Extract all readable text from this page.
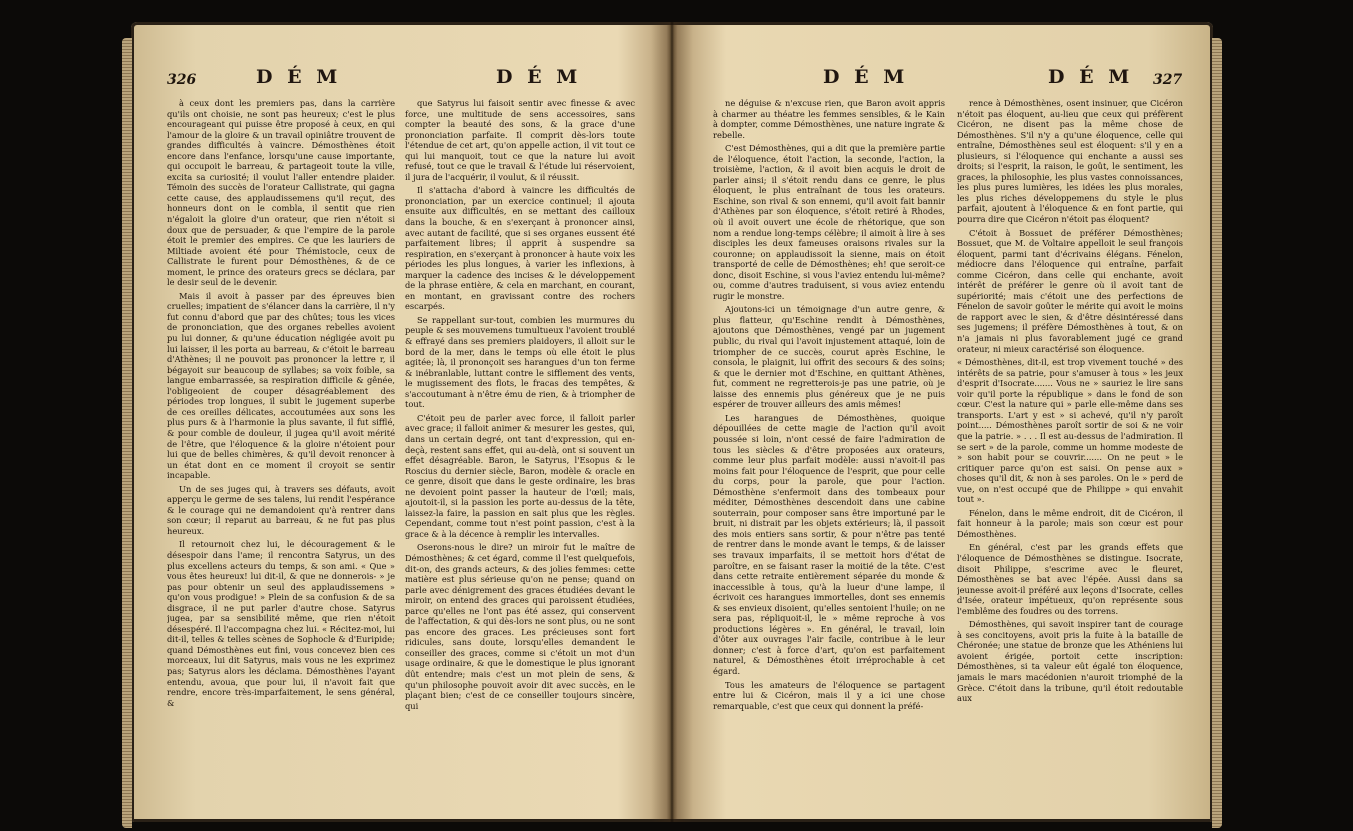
326	D É M	D É M

à ceux dont les premiers pas, dans la carrière qu'ils ont choisie, ne sont pas heureux; c'est le plus encourageant qui puisse être proposé à ceux, en qui l'amour de la gloire & un travail opiniâtre trouvent de grandes difficultés à vaincre. Démosthènes étoit encore dans l'enfance, lorsqu'une cause importante, qui occupoit le barreau, & partageoit toute la ville, excita sa curiosité; il voulut l'aller entendre plaider. Témoin des succès de l'orateur Callistrate, qui gagna cette cause, des applaudissemens qu'il reçut, des honneurs dont on le combla, il sentit que rien n'égaloit la gloire d'un orateur, que rien n'étoit si doux que de persuader, & que l'empire de la parole étoit le premier des empires. Ce que les lauriers de Miltiade avoient été pour Thémistocle, ceux de Callistrate le furent pour Démosthènes, & de ce moment, le prince des orateurs grecs se déclara, par le desir seul de le devenir.

Mais il avoit à passer par des épreuves bien cruelles; impatient de s'élancer dans la carrière, il n'y fut connu d'abord que par des chûtes; tous les vices de prononciation, que des organes rebelles avoient pu lui donner, & qu'une éducation négligée avoit pu lui laisser, il les porta au barreau, & c'étoit le barreau d'Athènes; il ne pouvoit pas prononcer la lettre r, il bégayoit sur beaucoup de syllabes; sa voix foible, sa langue embarrassée, sa respiration difficile & gênée, l'obligeoient de couper désagréablement des périodes trop longues, il subit le jugement superbe de ces oreilles délicates, accoutumées aux sons les plus purs & à l'harmonie la plus savante, il fut sifflé, & pour comble de douleur, il jugea qu'il avoit mérité de l'être, que l'éloquence & la gloire n'étoient pour lui que de belles chimères, & qu'il devoit renoncer à un état dont en ce moment il croyoit se sentir incapable.

Un de ses juges qui, à travers ses défauts, avoit apperçu le germe de ses talens, lui rendit l'espérance & le courage qui ne demandoient qu'à rentrer dans son cœur; il reparut au barreau, & ne fut pas plus heureux.

Il retournoit chez lui, le découragement & le désespoir dans l'ame; il rencontra Satyrus, un des plus excellens acteurs du temps, & son ami. « Que » vous êtes heureux! lui dit-il, & que ne donnerois- » je pas pour obtenir un seul des applaudissemens » qu'on vous prodigue! » Plein de sa confusion & de sa disgrace, il ne put parler d'autre chose. Satyrus jugea, par sa sensibilité même, que rien n'étoit désespéré. Il l'accompagna chez lui. « Récitez-moi, lui dit-il, telles & telles scènes de Sophocle & d'Euripide; quand Démosthènes eut fini, vous concevez bien ces morceaux, lui dit Satyrus, mais vous ne les exprimez pas; Satyrus alors les déclama. Démosthènes l'ayant entendu, avoua, que pour lui, il n'avoit fait que rendre, encore très-imparfaitement, le sens général, &

que Satyrus lui faisoit sentir avec finesse & avec force, une multitude de sens accessoires, sans compter la beauté des sons, & la grace d'une prononciation parfaite. Il comprit dès-lors toute l'étendue de cet art, qu'on appelle action, il vit tout ce qui lui manquoit, tout ce que la nature lui avoit refusé, tout ce que le travail & l'étude lui réservoient, il jura de l'acquérir, il voulut, & il réussit.

Il s'attacha d'abord à vaincre les difficultés de prononciation, par un exercice continuel; il ajouta ensuite aux difficultés, en se mettant des cailloux dans la bouche, & en s'exerçant à prononcer ainsi, avec autant de facilité, que si ses organes eussent été parfaitement libres; il apprit à suspendre sa respiration, en s'exerçant à prononcer à haute voix les périodes les plus longues, à varier les inflexions, à marquer la cadence des incises & le développement de la phrase entière, & cela en marchant, en courant, en montant, en gravissant contre des rochers escarpés.

Se rappellant sur-tout, combien les murmures du peuple & ses mouvemens tumultueux l'avoient troublé & effrayé dans ses premiers plaidoyers, il alloit sur le bord de la mer, dans le temps où elle étoit le plus agitée; là, il prononçoit ses harangues d'un ton ferme & inébranlable, luttant contre le sifflement des vents, le mugissement des flots, le fracas des tempêtes, & s'accoutumant à n'être ému de rien, & à triompher de tout.

C'étoit peu de parler avec force, il falloit parler avec grace; il falloit animer & mesurer les gestes, qui, dans un certain degré, ont tant d'expression, qui en-deçà, restent sans effet, qui au-delà, ont si souvent un effet désagréable. Baron, le Satyrus, l'Esopus & le Roscius du dernier siècle, Baron, modèle & oracle en ce genre, disoit que dans le geste ordinaire, les bras ne devoient point passer la hauteur de l'œil; mais, ajoutoit-il, si la passion les porte au-dessus de la tête, laissez-la faire, la passion en sait plus que les règles. Cependant, comme tout n'est point passion, c'est à la grace & à la décence à remplir les intervalles.

Oserons-nous le dire? un miroir fut le maître de Démosthènes; & cet égard, comme il l'est quelquefois, dit-on, des grands acteurs, & des jolies femmes: cette matière est plus sérieuse qu'on ne pense; quand on parle avec dénigrement des graces étudiées devant le miroir, on entend des graces qui paroissent étudiées, parce qu'elles ne l'ont pas été assez, qui conservent de l'affectation, & qui dès-lors ne sont plus, ou ne sont pas encore des graces. Les précieuses sont fort ridicules, sans doute, lorsqu'elles demandent le conseiller des graces, comme si c'étoit un mot d'un usage ordinaire, & que le domestique le plus ignorant dût entendre; mais c'est un mot plein de sens, & qu'un philosophe pouvoit avoir dit avec succès, en le plaçant bien; c'est de ce conseiller toujours sincère, qui

D É M	D É M 327

ne déguise & n'excuse rien, que Baron avoit appris à charmer au théatre les femmes sensibles, & le Kain à dompter, comme Démosthènes, une nature ingrate & rebelle.

C'est Démosthènes, qui a dit que la première partie de l'éloquence, étoit l'action, la seconde, l'action, la troisième, l'action, & il avoit bien acquis le droit de parler ainsi; il s'étoit rendu dans ce genre, le plus éloquent, le plus entraînant de tous les orateurs. Eschine, son rival & son ennemi, qu'il avoit fait bannir d'Athènes par son éloquence, s'étoit retiré à Rhodes, où il avoit ouvert une école de rhétorique, que son nom a rendue long-temps célèbre; il aimoit à lire à ses disciples les deux fameuses oraisons rivales sur la couronne; on applaudissoit la sienne, mais on étoit transporté de celle de Démosthènes; eh! que seroit-ce donc, disoit Eschine, si vous l'aviez entendu lui-même? ou, comme d'autres traduisent, si vous aviez entendu rugir le monstre.

Ajoutons-ici un témoignage d'un autre genre, & plus flatteur, qu'Eschine rendit à Démosthènes, ajoutons que Démosthènes, vengé par un jugement public, du rival qui l'avoit injustement attaqué, loin de triompher de ce succès, courut après Eschine, le consola, le plaignit, lui offrit des secours & des soins; & que le dernier mot d'Eschine, en quittant Athènes, fut, comment ne regretterois-je pas une patrie, où je laisse des ennemis plus généreux que je ne puis espérer de trouver ailleurs des amis mêmes!

Les harangues de Démosthènes, quoique dépouillées de cette magie de l'action qu'il avoit poussée si loin, n'ont cessé de faire l'admiration de tous les siècles & d'être proposées aux orateurs, comme leur plus parfait modèle: aussi n'avoit-il pas moins fait pour l'éloquence de l'esprit, que pour celle du corps, pour la parole, que pour l'action. Démosthène s'enfermoit dans des tombeaux pour méditer, Démosthènes descendoit dans une cabine souterrain, pour composer sans être importuné par le bruit, ni distrait par les objets extérieurs; là, il passoit des mois entiers sans sortir, & pour n'être pas tenté de rentrer dans le monde avant le temps, & de laisser ses travaux imparfaits, il se mettoit hors d'état de paroître, en se faisant raser la moitié de la tête. C'est dans cette retraite entièrement séparée du monde & inaccessible à tous, qu'à la lueur d'une lampe, il écrivoit ces harangues immortelles, dont ses ennemis & ses envieux disoient, qu'elles sentoient l'huile; on ne sera pas, répliquoit-il, le » même reproche à vos productions légères ». En général, le travail, loin d'ôter aux ouvrages l'air facile, contribue à le leur donner; c'est à force d'art, qu'on est parfaitement naturel, & Démosthènes étoit irréprochable à cet égard.

Tous les amateurs de l'éloquence se partagent entre lui & Cicéron, mais il y a ici une chose remarquable, c'est que ceux qui donnent la préfé-

rence à Démosthènes, osent insinuer, que Cicéron n'étoit pas éloquent, au-lieu que ceux qui préfèrent Cicéron, ne disent pas la même chose de Démosthènes. S'il n'y a qu'une éloquence, celle qui entraîne, Démosthènes seul est éloquent: s'il y en a plusieurs, si l'éloquence qui enchante a aussi ses droits; si l'esprit, la raison, le goût, le sentiment, les graces, la philosophie, les plus vastes connoissances, les plus pures lumières, les idées les plus morales, les plus riches développemens du style le plus parfait, ajoutent à l'éloquence & en font partie, qui pourra dire que Cicéron n'étoit pas éloquent?

C'étoit à Bossuet de préférer Démosthènes; Bossuet, que M. de Voltaire appelloit le seul françois éloquent, parmi tant d'écrivains élégans. Fénelon, médiocre dans l'éloquence qui entraîne, parfait comme Cicéron, dans celle qui enchante, avoit intérêt de préférer le genre où il avoit tant de supériorité; mais c'étoit une des perfections de Fénelon de savoir goûter le mérite qui avoit le moins de rapport avec le sien, & d'être désintéressé dans ses jugemens; il préfère Démosthènes à tout, & on n'a jamais ni plus favorablement jugé ce grand orateur, ni mieux caractérisé son éloquence.

« Démosthènes, dit-il, est trop vivement touché » des intérêts de sa patrie, pour s'amuser à tous » les jeux d'esprit d'Isocrate....... Vous ne » sauriez le lire sans voir qu'il porte la république » dans le fond de son cœur. C'est la nature qui » parle elle-même dans ses transports. L'art y est » si achevé, qu'il n'y paroît point..... Démosthènes paroît sortir de soi & ne voir que la patrie. » . . . Il est au-dessus de l'admiration. Il se sert » de la parole, comme un homme modeste de » son habit pour se couvrir....... On ne peut » le critiquer parce qu'on est saisi. On pense aux » choses qu'il dit, & non à ses paroles. On le » perd de vue, on n'est occupé que de Philippe » qui envahit tout ».

Fénelon, dans le même endroit, dit de Cicéron, il fait honneur à la parole; mais son cœur est pour Démosthènes.

En général, c'est par les grands effets que l'éloquence de Démosthènes se distingue. Isocrate, disoit Philippe, s'escrime avec le fleuret, Démosthènes se bat avec l'épée. Aussi dans sa jeunesse avoit-il préféré aux leçons d'Isocrate, celles d'Isée, orateur impétueux, qu'on représente sous l'emblême des foudres ou des torrens.

Démosthènes, qui savoit inspirer tant de courage à ses concitoyens, avoit pris la fuite à la bataille de Chéronée; une statue de bronze que les Athéniens lui avoient érigée, portoit cette inscription: Démosthènes, si ta valeur eût égalé ton éloquence, jamais le mars macédonien n'auroit triomphé de la Grèce. C'étoit dans la tribune, qu'il étoit redoutable aux
